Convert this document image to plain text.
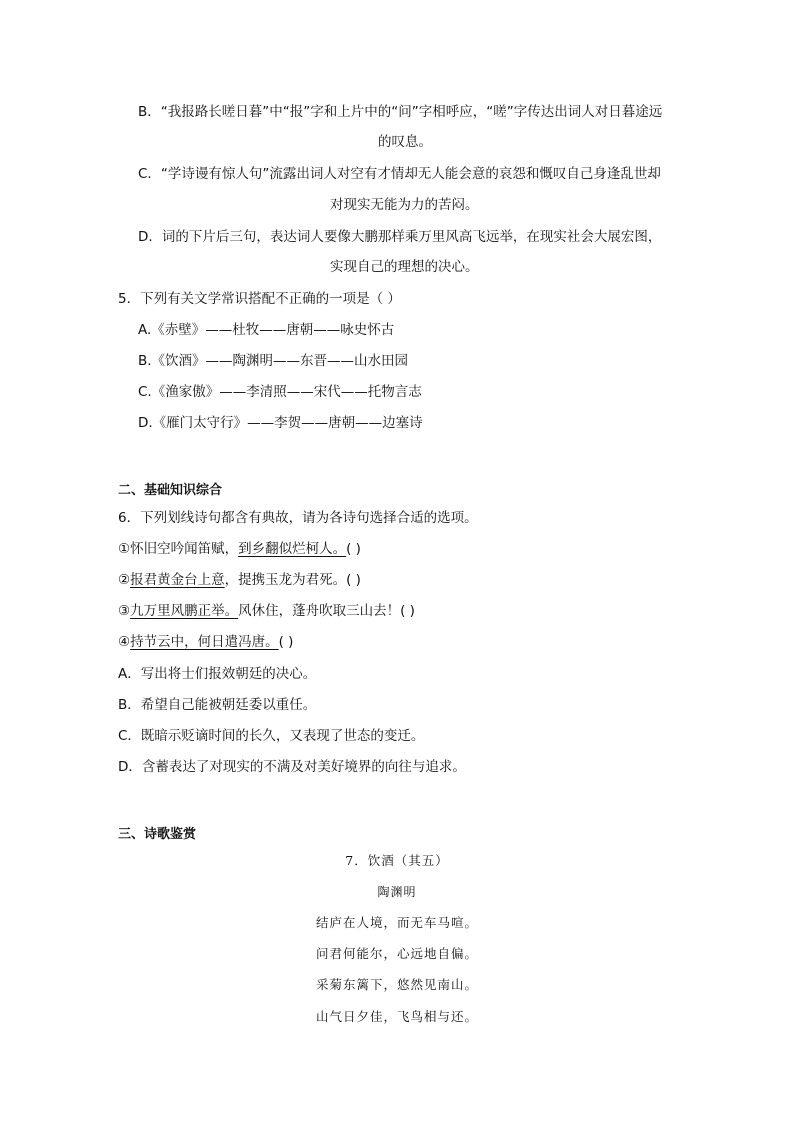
B．“我报路长嗟日暮”中“报”字和上片中的“问”字相呼应，“嗟”字传达出词人对日暮途远
的叹息。
C．“学诗谩有惊人句”流露出词人对空有才情却无人能会意的哀怨和慨叹自己身逢乱世却
对现实无能为力的苦闷。
D．词的下片后三句，表达词人要像大鹏那样乘万里风高飞远举，在现实社会大展宏图，
实现自己的理想的决心。
5．下列有关文学常识搭配不正确的一项是（ ）
A.《赤壁》——杜牧——唐朝——咏史怀古
B.《饮酒》——陶渊明——东晋——山水田园
C.《渔家傲》——李清照——宋代——托物言志
D.《雁门太守行》——李贺——唐朝——边塞诗
二、基础知识综合
6．下列划线诗句都含有典故，请为各诗句选择合适的选项。
①怀旧空吟闻笛赋，到乡翻似烂柯人。( )
②报君黄金台上意，提携玉龙为君死。( )
③九万里风鹏正举。风休住，蓬舟吹取三山去！( )
④持节云中，何日遣冯唐。( )
A．写出将士们报效朝廷的决心。
B．希望自己能被朝廷委以重任。
C．既暗示贬谪时间的长久，又表现了世态的变迁。
D．含蓄表达了对现实的不满及对美好境界的向往与追求。
三、诗歌鉴赏
7．饮酒（其五）
陶渊明
结庐在人境，而无车马喧。
问君何能尔，心远地自偏。
采菊东篱下，悠然见南山。
山气日夕佳，飞鸟相与还。
